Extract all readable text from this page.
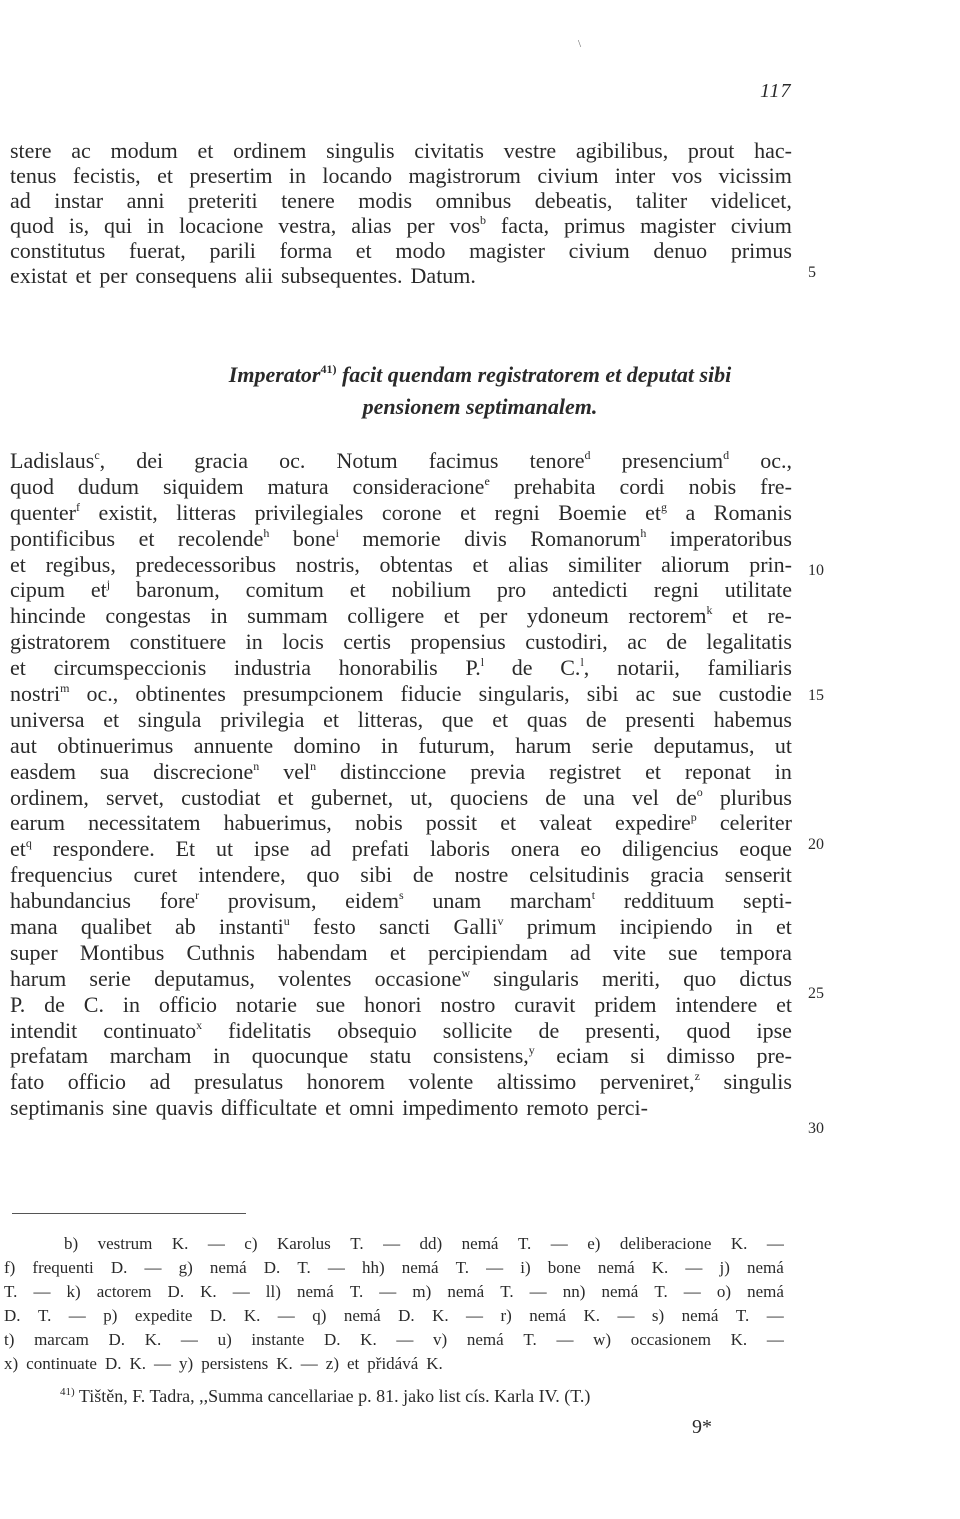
\
117
stere ac modum et ordinem singulis civitatis vestre agibilibus, prout hac-
tenus fecistis, et presertim in locando magistrorum civium inter vos vicissim
ad instar anni preteriti tenere modis omnibus debeatis, taliter videlicet,
quod is, qui in locacione vestra, alias per vos$^b$ facta, primus magister civium
constitutus fuerat, parili forma et modo magister civium denuo primus
existat et per consequens alii subsequentes. Datum.
Imperator$^{41)}$ facit quendam registratorem et deputat sibi
pensionem septimanalem.
Ladislaus$^c$, dei gracia oc. Notum facimus tenore$^d$ presencium$^d$ oc.,
quod dudum siquidem matura consideracione$^e$ prehabita cordi nobis fre-
quenter$^f$ existit, litteras privilegiales corone et regni Boemie $et^g$ a Romanis
pontificibus et recolende$^h$ bone$^i$ memorie divis Romanorum$^h$ imperatoribus
et regibus, predecessoribus nostris, obtentas et alias similiter aliorum prin-
cipum $et^j$ baronum, comitum et nobilium pro antedicti regni utilitate
hincinde congestas in summam colligere et per ydoneum rectorem$^k$ et re-
gistratorem constituere in locis certis propensius custodiri, ac de legalitatis
et circumspeccionis industria honorabilis P.$^l$ de C.$^l$, notarii, familiaris
nostri$^m$ oc., obtinentes presumpcionem fiducie singularis, sibi ac sue custodie
universa et singula privilegia et litteras, que et quas de presenti habemus
aut obtinuerimus annuente domino in futurum, harum serie deputamus, ut
easdem sua discrecione$^n$ vel$^n$ distinccione previa registret et reponat in
ordinem, servet, custodiat et gubernet, ut, quociens de una vel $de^o$ pluribus
earum necessitatem habuerimus, nobis possit et valeat expedire$^p$ celeriter
$et^q$ respondere. Et ut ipse ad prefati laboris onera eo diligencius eoque
frequencius curet intendere, quo sibi de nostre celsitudinis gracia senserit
habundancius fore$^r$ provisum, eidem$^s$ unam marcham$^t$ reddituum septi-
mana qualibet ab instanti$^u$ festo sancti Galli$^v$ primum incipiendo in et
super Montibus Cuthnis habendam et percipiendam ad vite sue tempora
harum serie deputamus, volentes occasione$^w$ singularis meriti, quo dictus
P. de C. in officio notarie sue honori nostro curavit pridem intendere et
intendit continuato$^x$ fidelitatis obsequio sollicite de presenti, quod ipse
prefatam marcham in quocunque statu consistens,$^y$ eciam si dimisso pre-
fato officio ad presulatus honorem volente altissimo perveniret,$^z$ singulis
septimanis sine quavis difficultate et omni impedimento remoto perci-
5
10
15
20
25
30
b) vestrum K. — c) Karolus T. — dd) nemá T. — e) deliberacione K. —
f) frequenti D. — g) nemá D. T. — hh) nemá T. — i) bone nemá K. — j) nemá
T. — k) actorem D. K. — ll) nemá T. — m) nemá T. — nn) nemá T. — o) nemá
D. T. — p) expedite D. K. — q) nemá D. K. — r) nemá K. — s) nemá T. —
t) marcam D. K. — u) instante D. K. — v) nemá T. — w) occasionem K. —
x) continuate D. K. — y) persistens K. — z) et přidává K.
$^{41)}$ Tištěn, F. Tadra, ,,Summa cancellariae p. 81. jako list cís. Karla IV. (T.)
9*
